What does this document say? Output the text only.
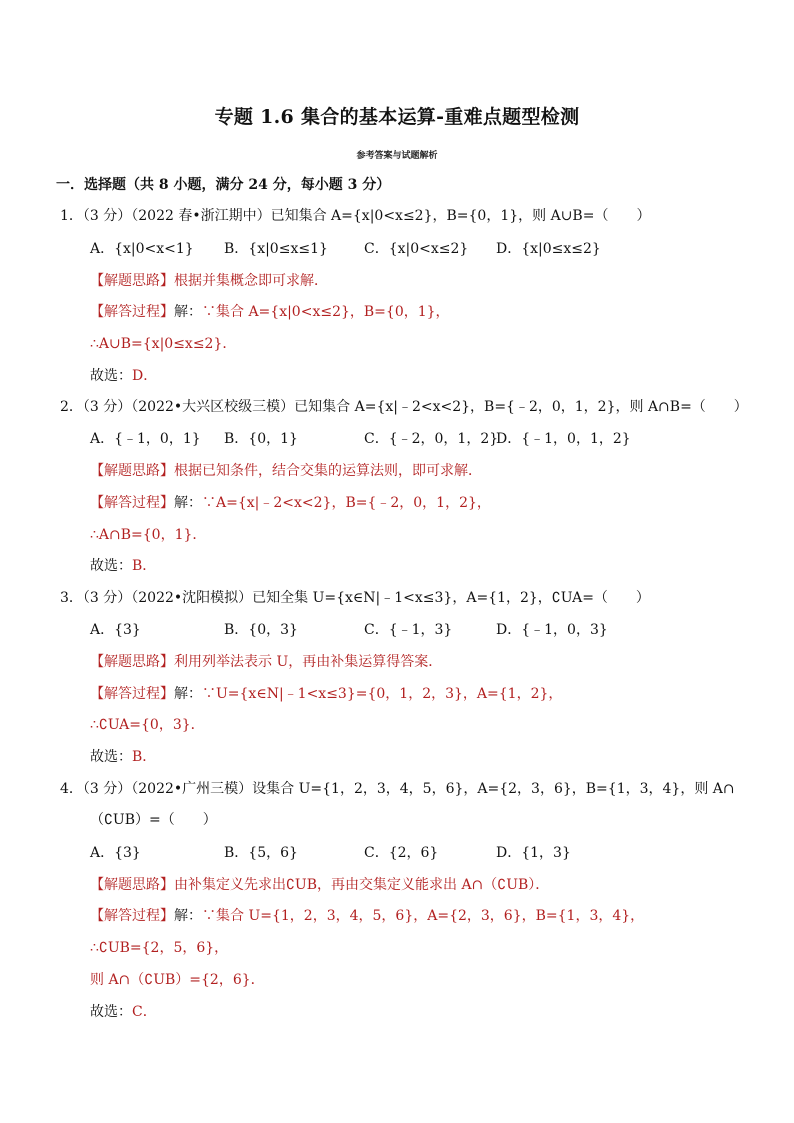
专题 1.6 集合的基本运算-重难点题型检测
参考答案与试题解析
一．选择题（共 8 小题，满分 24 分，每小题 3 分）
1．（3 分）（2022 春•浙江期中）已知集合 A={x|0<x≤2}，B={0，1}，则 A∪B=（　　）
A．{x|0<x<1} B．{x|0≤x≤1}	C．{x|0<x≤2} D．{x|0≤x≤2}
【解题思路】根据并集概念即可求解．
【解答过程】解：∵集合 A={x|0<x≤2}，B={0，1}，
∴A∪B={x|0≤x≤2}．
故选：D．
2．（3 分）（2022•大兴区校级三模）已知集合 A={x|﹣2<x<2}，B={﹣2，0，1，2}，则 A∩B=（　　）
A．{﹣1，0，1} B．{0，1}	C．{﹣2，0，1，2}
D．{﹣1，0，1，2}
【解题思路】根据已知条件，结合交集的运算法则，即可求解．
【解答过程】解：∵A={x|﹣2<x<2}，B={﹣2，0，1，2}，
∴A∩B={0，1}．
故选：B．
3．（3 分）（2022•沈阳模拟）已知全集 U={x∈N|﹣1<x≤3}，A={1，2}，∁UA=（　　）
A．{3}	B．{0，3}	C．{﹣1，3}	D．{﹣1，0，3}
【解题思路】利用列举法表示 U，再由补集运算得答案．
【解答过程】解：∵U={x∈N|﹣1<x≤3}={0，1，2，3}，A={1，2}，
∴∁UA={0，3}．
故选：B．
4．（3 分）（2022•广州三模）设集合 U={1，2，3，4，5，6}，A={2，3，6}，B={1，3，4}，则 A∩
（∁UB）=（　　）
A．{3}	B．{5，6}	C．{2，6}	D．{1，3}
【解题思路】由补集定义先求出∁UB，再由交集定义能求出 A∩（∁UB）．
【解答过程】解：∵集合 U={1，2，3，4，5，6}，A={2，3，6}，B={1，3，4}，
∴∁UB={2，5，6}，
则 A∩（∁UB）={2，6}．
故选：C．
